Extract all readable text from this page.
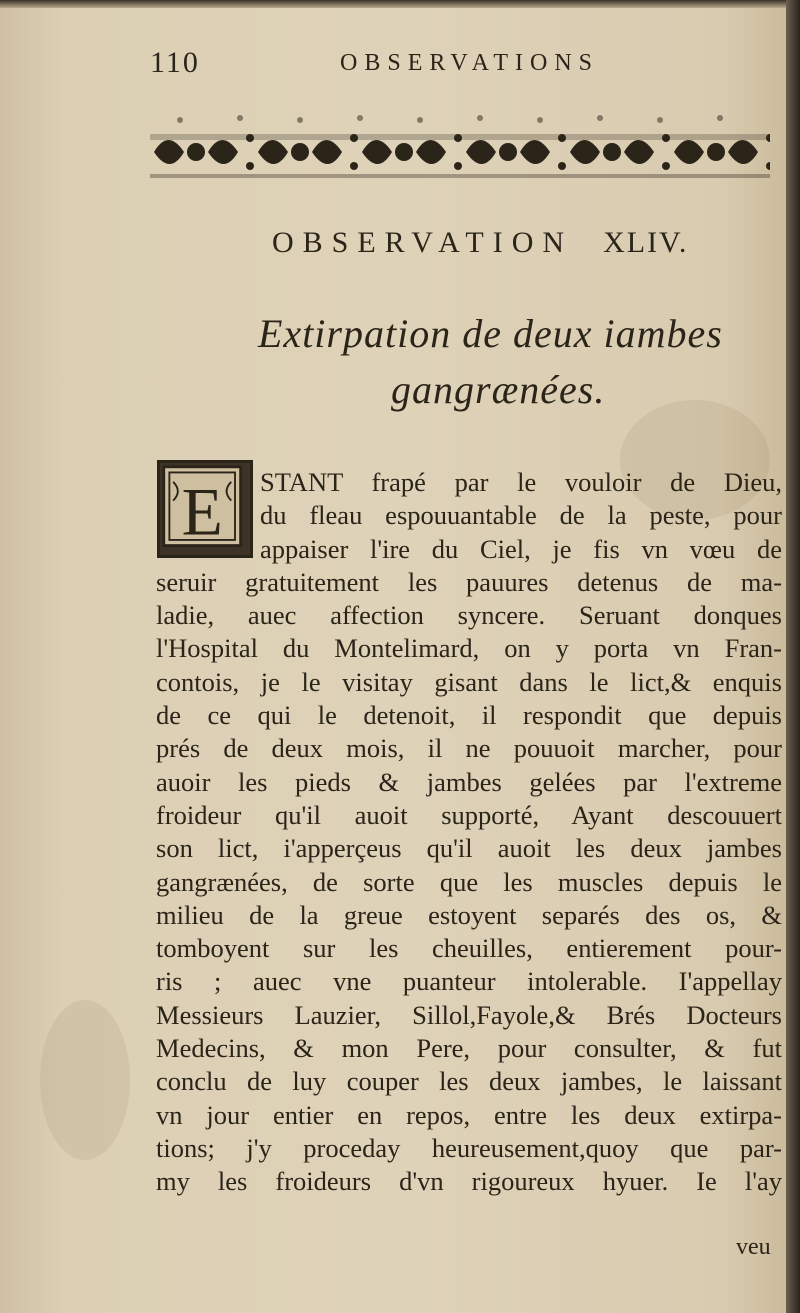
110	OBSERVATIONS
OBSERVATION XLIV.
Extirpation de deux iambes
gangrænées.
E	STANT frapé par le vouloir de Dieu,
du fleau espouuantable de la peste, pour
appaiser l'ire du Ciel, je fis vn vœu de
seruir gratuitement les pauures detenus de ma-
ladie, auec affection syncere. Seruant donques
l'Hospital du Montelimard, on y porta vn Fran-
contois, je le visitay gisant dans le lict,& enquis
de ce qui le detenoit, il respondit que depuis
prés de deux mois, il ne pouuoit marcher, pour
auoir les pieds & jambes gelées par l'extreme
froideur qu'il auoit supporté, Ayant descouuert
son lict, i'apperçeus qu'il auoit les deux jambes
gangrænées, de sorte que les muscles depuis le
milieu de la greue estoyent separés des os, &
tomboyent sur les cheuilles, entierement pour-
ris ; auec vne puanteur intolerable. I'appellay
Messieurs Lauzier, Sillol,Fayole,& Brés Docteurs
Medecins, & mon Pere, pour consulter, & fut
conclu de luy couper les deux jambes, le laissant
vn jour entier en repos, entre les deux extirpa-
tions; j'y proceday heureusement,quoy que par-
my les froideurs d'vn rigoureux hyuer. Ie l'ay
veu
